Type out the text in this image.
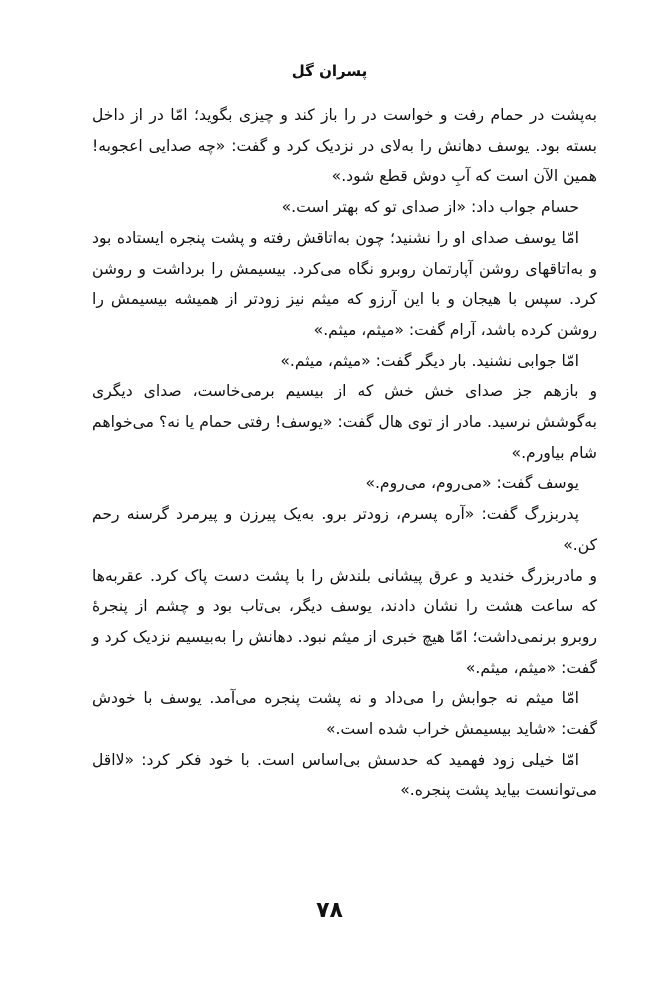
پسران گل

به‌پشت در حمام رفت و خواست در را باز کند و چیزی بگوید؛ امّا در از داخل بسته بود. یوسف دهانش را به‌لای در نزدیک کرد و گفت: «چه صدایی اعجوبه! همین الآن است که آبِ دوش قطع شود.»

حسام جواب داد: «از صدای تو که بهتر است.»

امّا یوسف صدای او را نشنید؛ چون به‌اتاقش رفته و پشت پنجره ایستاده بود و به‌اتاقهای روشن آپارتمان روبرو نگاه می‌کرد. بیسیمش را برداشت و روشن کرد. سپس با هیجان و با این آرزو که میثم نیز زودتر از همیشه بیسیمش را روشن کرده باشد، آرام گفت: «میثم، میثم.»

امّا جوابی نشنید. بار دیگر گفت: «میثم، میثم.»

و بازهم جز صدای خش خش که از بیسیم برمی‌خاست، صدای دیگری به‌گوشش نرسید. مادر از توی هال گفت: «یوسف! رفتی حمام یا نه؟ می‌خواهم شام بیاورم.»

یوسف گفت: «می‌روم، می‌روم.»

پدربزرگ گفت: «آره پسرم، زودتر برو. به‌یک پیرزن و پیرمرد گرسنه رحم کن.»

و مادربزرگ خندید و عرق پیشانی بلندش را با پشت دست پاک کرد. عقربه‌ها که ساعت هشت را نشان دادند، یوسف دیگر، بی‌تاب بود و چشم از پنجرۀ روبرو برنمی‌داشت؛ امّا هیچ خبری از میثم نبود. دهانش را به‌بیسیم نزدیک کرد و گفت: «میثم، میثم.»

امّا میثم نه جوابش را می‌داد و نه پشت پنجره می‌آمد. یوسف با خودش گفت: «شاید بیسیمش خراب شده است.»

امّا خیلی زود فهمید که حدسش بی‌اساس است. با خود فکر کرد: «لااقل می‌توانست بیاید پشت پنجره.»

۷۸
